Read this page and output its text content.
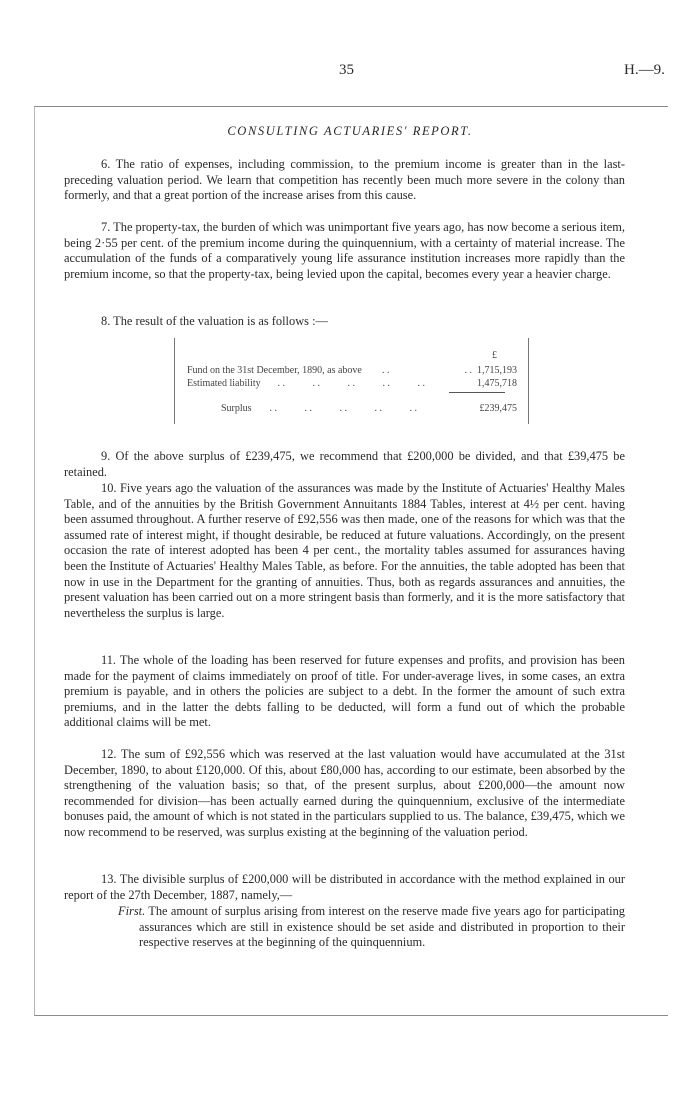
35	H.—9.
CONSULTING ACTUARIES' REPORT.

6. The ratio of expenses, including commission, to the premium income is greater than in the last-preceding valuation period. We learn that competition has recently been much more severe in the colony than formerly, and that a great portion of the increase arises from this cause.

7. The property-tax, the burden of which was unimportant five years ago, has now become a serious item, being 2·55 per cent. of the premium income during the quinquennium, with a certainty of material increase. The accumulation of the funds of a comparatively young life assurance institution increases more rapidly than the premium income, so that the property-tax, being levied upon the capital, becomes every year a heavier charge.

8. The result of the valuation is as follows :—

£
Fund on the 31st December, 1890, as above . .                              . . 1,715,193
Estimated liability . .           . .           . .           . .           . .	1,475,718
Surplus . .           . .           . .           . .           . .	£239,475

9. Of the above surplus of £239,475, we recommend that £200,000 be divided, and that £39,475 be retained.

10. Five years ago the valuation of the assurances was made by the Institute of Actuaries' Healthy Males Table, and of the annuities by the British Government Annuitants 1884 Tables, interest at 4½ per cent. having been assumed throughout. A further reserve of £92,556 was then made, one of the reasons for which was that the assumed rate of interest might, if thought desirable, be reduced at future valuations. Accordingly, on the present occasion the rate of interest adopted has been 4 per cent., the mortality tables assumed for assurances having been the Institute of Actuaries' Healthy Males Table, as before. For the annuities, the table adopted has been that now in use in the Department for the granting of annuities. Thus, both as regards assurances and annuities, the present valuation has been carried out on a more stringent basis than formerly, and it is the more satisfactory that nevertheless the surplus is large.

11. The whole of the loading has been reserved for future expenses and profits, and provision has been made for the payment of claims immediately on proof of title. For under-average lives, in some cases, an extra premium is payable, and in others the policies are subject to a debt. In the former the amount of such extra premiums, and in the latter the debts falling to be deducted, will form a fund out of which the probable additional claims will be met.

12. The sum of £92,556 which was reserved at the last valuation would have accumulated at the 31st December, 1890, to about £120,000. Of this, about £80,000 has, according to our estimate, been absorbed by the strengthening of the valuation basis; so that, of the present surplus, about £200,000—the amount now recommended for division—has been actually earned during the quinquennium, exclusive of the intermediate bonuses paid, the amount of which is not stated in the particulars supplied to us. The balance, £39,475, which we now recommend to be reserved, was surplus existing at the beginning of the valuation period.

13. The divisible surplus of £200,000 will be distributed in accordance with the method explained in our report of the 27th December, 1887, namely,—

First. The amount of surplus arising from interest on the reserve made five years ago for participating assurances which are still in existence should be set aside and distributed in proportion to their respective reserves at the beginning of the quinquennium.
